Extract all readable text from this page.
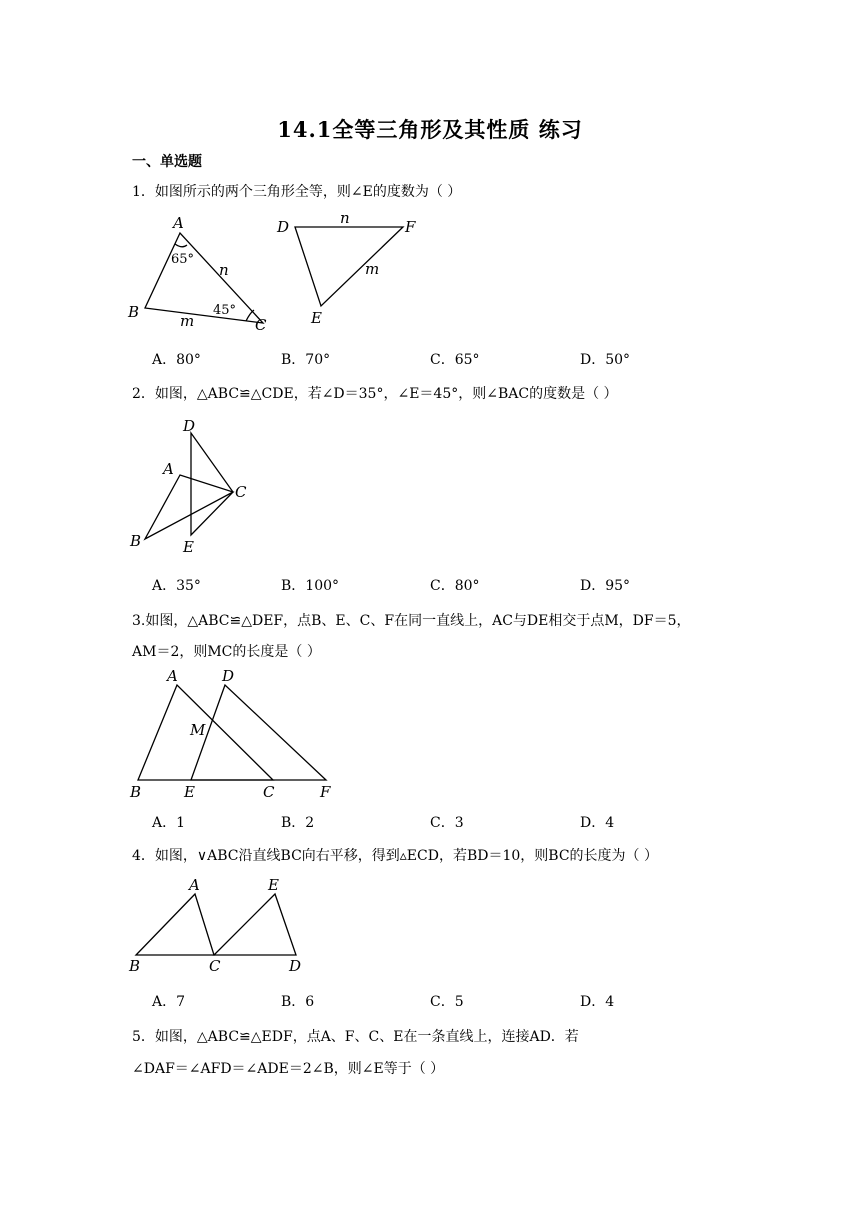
14.1全等三角形及其性质 练习
一、单选题
1．如图所示的两个三角形全等，则∠E的度数为（ ）
A
B
C
n
m
65°
45°
D
E
F
n
m
A．80°	B．70°	C．65°	D．50°
2．如图，△ABC≌△CDE，若∠D＝35°，∠E＝45°，则∠BAC的度数是（ ）
D
A
C
B	E
A．35°	B．100°	C．80°	D．95°
3.如图，△ABC≌△DEF，点B、E、C、F在同一直线上，AC与DE相交于点M，DF＝5，
AM＝2，则MC的长度是（ ）
A	D
M
B	E	C	F
A．1	B．2	C．3	D．4
4．如图，∨ABC沿直线BC向右平移，得到▵ECD，若BD＝10，则BC的长度为（ ）
A	E
B	C	D
A．7	B．6	C．5	D．4
5．如图，△ABC≌△EDF，点A、F、C、E在一条直线上，连接AD．若
∠DAF＝∠AFD＝∠ADE＝2∠B，则∠E等于（ ）
